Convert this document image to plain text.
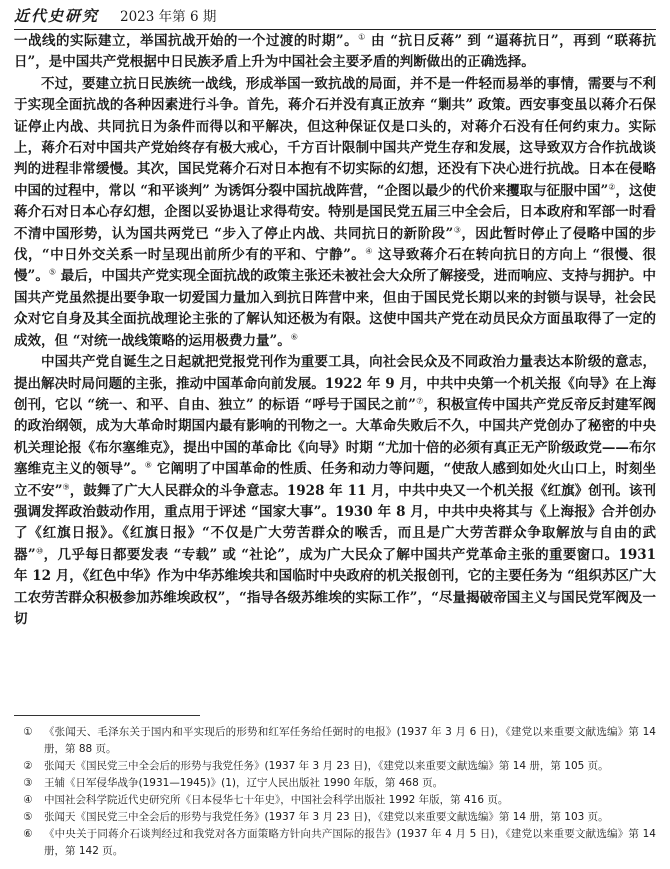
近代史研究 2023 年第 6 期

一战线的实际建立，举国抗战开始的一个过渡的时期”。① 由 “抗日反蒋” 到 “逼蒋抗日”，再到 “联蒋抗日”，是中国共产党根据中日民族矛盾上升为中国社会主要矛盾的判断做出的正确选择。

不过，要建立抗日民族统一战线，形成举国一致抗战的局面，并不是一件轻而易举的事情，需要与不利于实现全面抗战的各种因素进行斗争。首先，蒋介石并没有真正放弃 “剿共” 政策。西安事变虽以蒋介石保证停止内战、共同抗日为条件而得以和平解决，但这种保证仅是口头的，对蒋介石没有任何约束力。实际上，蒋介石对中国共产党始终存有极大戒心，千方百计限制中国共产党生存和发展，这导致双方合作抗战谈判的进程非常缓慢。其次，国民党蒋介石对日本抱有不切实际的幻想，还没有下决心进行抗战。日本在侵略中国的过程中，常以 “和平谈判” 为诱饵分裂中国抗战阵营，“企图以最少的代价来攫取与征服中国”②，这使蒋介石对日本心存幻想，企图以妥协退让求得苟安。特别是国民党五届三中全会后，日本政府和军部一时看不清中国形势，认为国共两党已 “步入了停止内战、共同抗日的新阶段”③，因此暂时停止了侵略中国的步伐，“中日外交关系一时呈现出前所少有的平和、宁静”。④ 这导致蒋介石在转向抗日的方向上 “很慢、很慢”。⑤ 最后，中国共产党实现全面抗战的政策主张还未被社会大众所了解接受，进而响应、支持与拥护。中国共产党虽然提出要争取一切爱国力量加入到抗日阵营中来，但由于国民党长期以来的封锁与误导，社会民众对它自身及其全面抗战理论主张的了解认知还极为有限。这使中国共产党在动员民众方面虽取得了一定的成效，但 “对统一战线策略的运用极费力量”。⑥

中国共产党自诞生之日起就把党报党刊作为重要工具，向社会民众及不同政治力量表达本阶级的意志，提出解决时局问题的主张，推动中国革命向前发展。1922 年 9 月，中共中央第一个机关报《向导》在上海创刊，它以 “统一、和平、自由、独立” 的标语 “呼号于国民之前”⑦，积极宣传中国共产党反帝反封建军阀的政治纲领，成为大革命时期国内最有影响的刊物之一。大革命失败后不久，中国共产党创办了秘密的中央机关理论报《布尔塞维克》，提出中国的革命比《向导》时期 “尤加十倍的必须有真正无产阶级政党——布尔塞维克主义的领导”。⑧ 它阐明了中国革命的性质、任务和动力等问题，“使敌人感到如处火山口上，时刻坐立不安”⑨，鼓舞了广大人民群众的斗争意志。1928 年 11 月，中共中央又一个机关报《红旗》创刊。该刊强调发挥政治鼓动作用，重点用于评述 “国家大事”。1930 年 8 月，中共中央将其与《上海报》合并创办了《红旗日报》。《红旗日报》“不仅是广大劳苦群众的喉舌，而且是广大劳苦群众争取解放与自由的武器”⑩，几乎每日都要发表 “专载” 或 “社论”，成为广大民众了解中国共产党革命主张的重要窗口。1931 年 12 月，《红色中华》作为中华苏维埃共和国临时中央政府的机关报创刊，它的主要任务为 “组织苏区广大工农劳苦群众积极参加苏维埃政权”，“指导各级苏维埃的实际工作”，“尽量揭破帝国主义与国民党军阀及一切

①	《张闻天、毛泽东关于国内和平实现后的形势和红军任务给任弼时的电报》(1937 年 3 月 6 日)，《建党以来重要文献选编》第 14 册，第 88 页。
②	张闻天《国民党三中全会后的形势与我党任务》(1937 年 3 月 23 日)，《建党以来重要文献选编》第 14 册，第 105 页。
③	王辅《日军侵华战争(1931—1945)》(1)，辽宁人民出版社 1990 年版，第 468 页。
④	中国社会科学院近代史研究所《日本侵华七十年史》，中国社会科学出版社 1992 年版，第 416 页。
⑤	张闻天《国民党三中全会后的形势与我党任务》(1937 年 3 月 23 日)，《建党以来重要文献选编》第 14 册，第 103 页。
⑥	《中央关于同蒋介石谈判经过和我党对各方面策略方针向共产国际的报告》(1937 年 4 月 5 日)，《建党以来重要文献选编》第 14 册，第 142 页。
